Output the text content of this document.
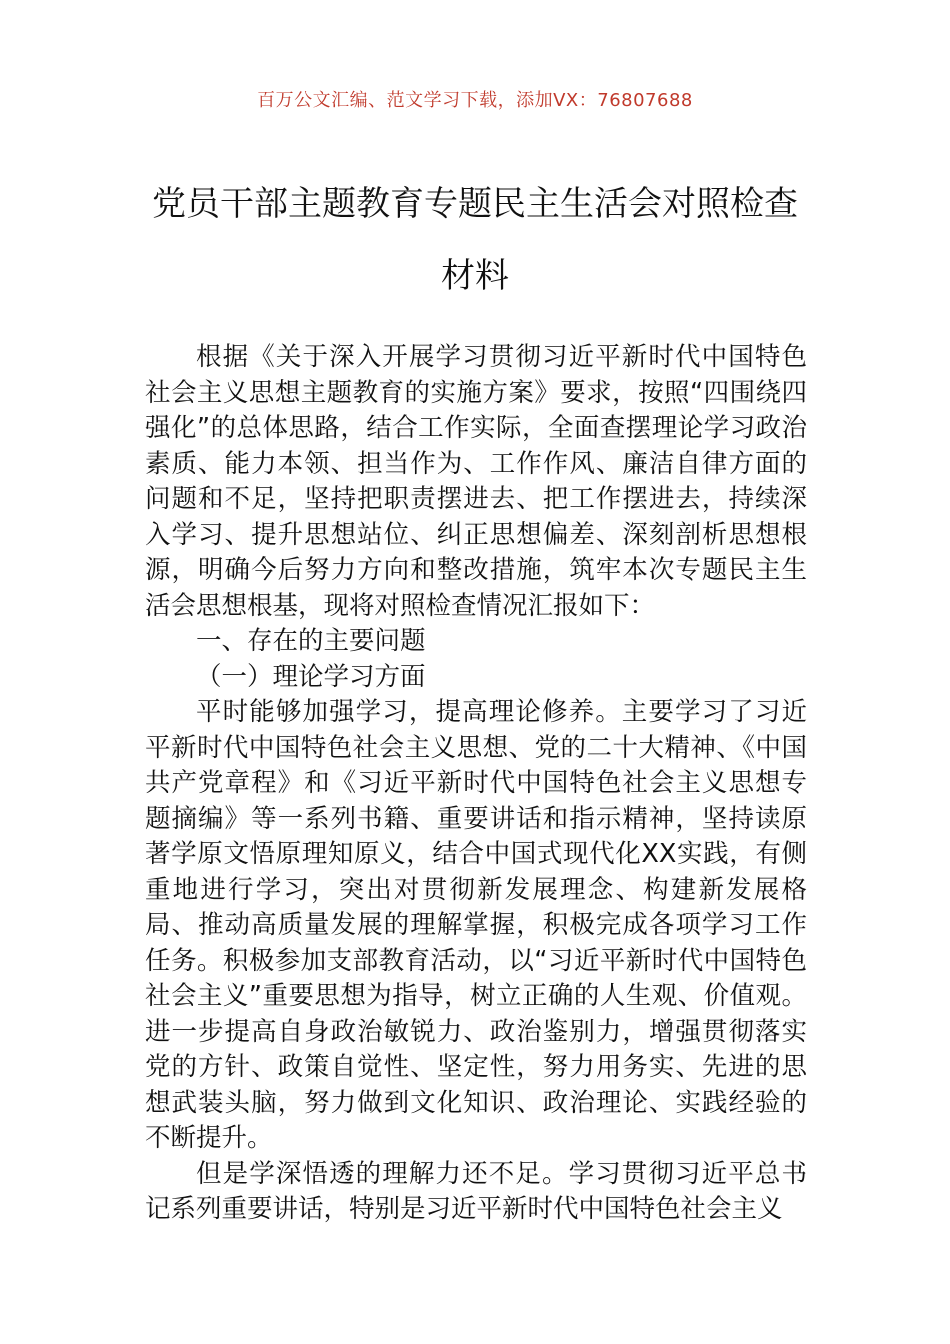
百万公文汇编、范文学习下载，添加VX：76807688
党员干部主题教育专题民主生活会对照检查材料

根据《关于深入开展学习贯彻习近平新时代中国特色社会主义思想主题教育的实施方案》要求，按照“四围绕四强化”的总体思路，结合工作实际，全面查摆理论学习政治素质、能力本领、担当作为、工作作风、廉洁自律方面的问题和不足，坚持把职责摆进去、把工作摆进去，持续深入学习、提升思想站位、纠正思想偏差、深刻剖析思想根源，明确今后努力方向和整改措施，筑牢本次专题民主生活会思想根基，现将对照检查情况汇报如下：

一、存在的主要问题

（一）理论学习方面

平时能够加强学习，提高理论修养。主要学习了习近平新时代中国特色社会主义思想、党的二十大精神、《中国共产党章程》和《习近平新时代中国特色社会主义思想专题摘编》等一系列书籍、重要讲话和指示精神，坚持读原著学原文悟原理知原义，结合中国式现代化XX实践，有侧重地进行学习，突出对贯彻新发展理念、构建新发展格局、推动高质量发展的理解掌握，积极完成各项学习工作任务。积极参加支部教育活动，以“习近平新时代中国特色社会主义”重要思想为指导，树立正确的人生观、价值观。进一步提高自身政治敏锐力、政治鉴别力，增强贯彻落实党的方针、政策自觉性、坚定性，努力用务实、先进的思想武装头脑，努力做到文化知识、政治理论、实践经验的不断提升。

但是学深悟透的理解力还不足。学习贯彻习近平总书记系列重要讲话，特别是习近平新时代中国特色社会主义
